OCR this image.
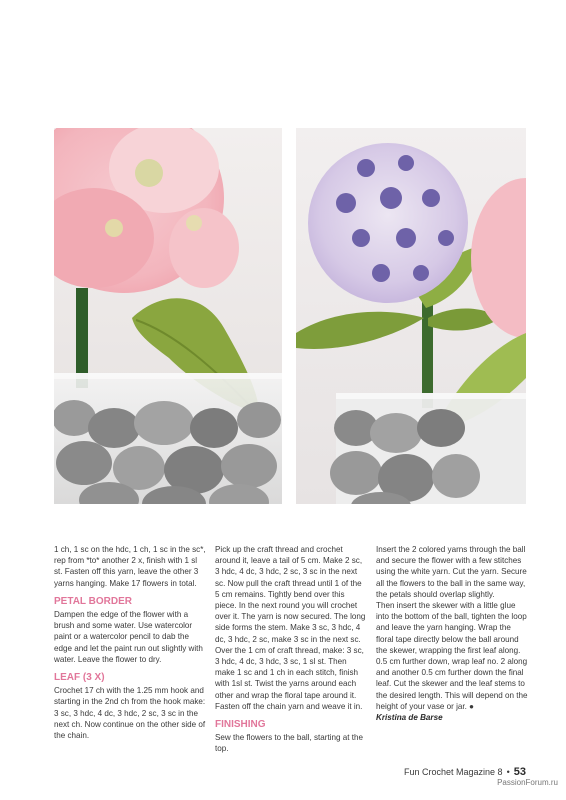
1 ch, 1 sc on the hdc, 1 ch, 1 sc in the sc*, rep from *to* another 2 x, finish with 1 sl st. Fasten off this yarn, leave the other 3 yarns hanging. Make 17 flowers in total.

PETAL BORDER

Dampen the edge of the flower with a brush and some water. Use watercolor paint or a watercolor pencil to dab the edge and let the paint run out slightly with water. Leave the flower to dry.

LEAF (3 X)

Crochet 17 ch with the 1.25 mm hook and starting in the 2nd ch from the hook make: 3 sc, 3 hdc, 4 dc, 3 hdc, 2 sc, 3 sc in the next ch. Now continue on the other side of the chain.

Pick up the craft thread and crochet around it, leave a tail of 5 cm. Make 2 sc, 3 hdc, 4 dc, 3 hdc, 2 sc, 3 sc in the next sc. Now pull the craft thread until 1 of the 5 cm remains. Tightly bend over this piece. In the next round you will crochet over it. The yarn is now secured. The long side forms the stem. Make 3 sc, 3 hdc, 4 dc, 3 hdc, 2 sc, make 3 sc in the next sc. Over the 1 cm of craft thread, make: 3 sc, 3 hdc, 4 dc, 3 hdc, 3 sc, 1 sl st. Then make 1 sc and 1 ch in each stitch, finish with 1sl st. Twist the yarns around each other and wrap the floral tape around it. Fasten off the chain yarn and weave it in.

FINISHING

Sew the flowers to the ball, starting at the top.

Insert the 2 colored yarns through the ball and secure the flower with a few stitches using the white yarn. Cut the yarn. Secure all the flowers to the ball in the same way, the petals should overlap slightly.

Then insert the skewer with a little glue into the bottom of the ball, tighten the loop and leave the yarn hanging. Wrap the floral tape directly below the ball around the skewer, wrapping the first leaf along. 0.5 cm further down, wrap leaf no. 2 along and another 0.5 cm further down the final leaf. Cut the skewer and the leaf stems to the desired length. This will depend on the height of your vase or jar. ●

Kristina de Barse

Fun Crochet Magazine 8 • 53
PassionForum.ru
